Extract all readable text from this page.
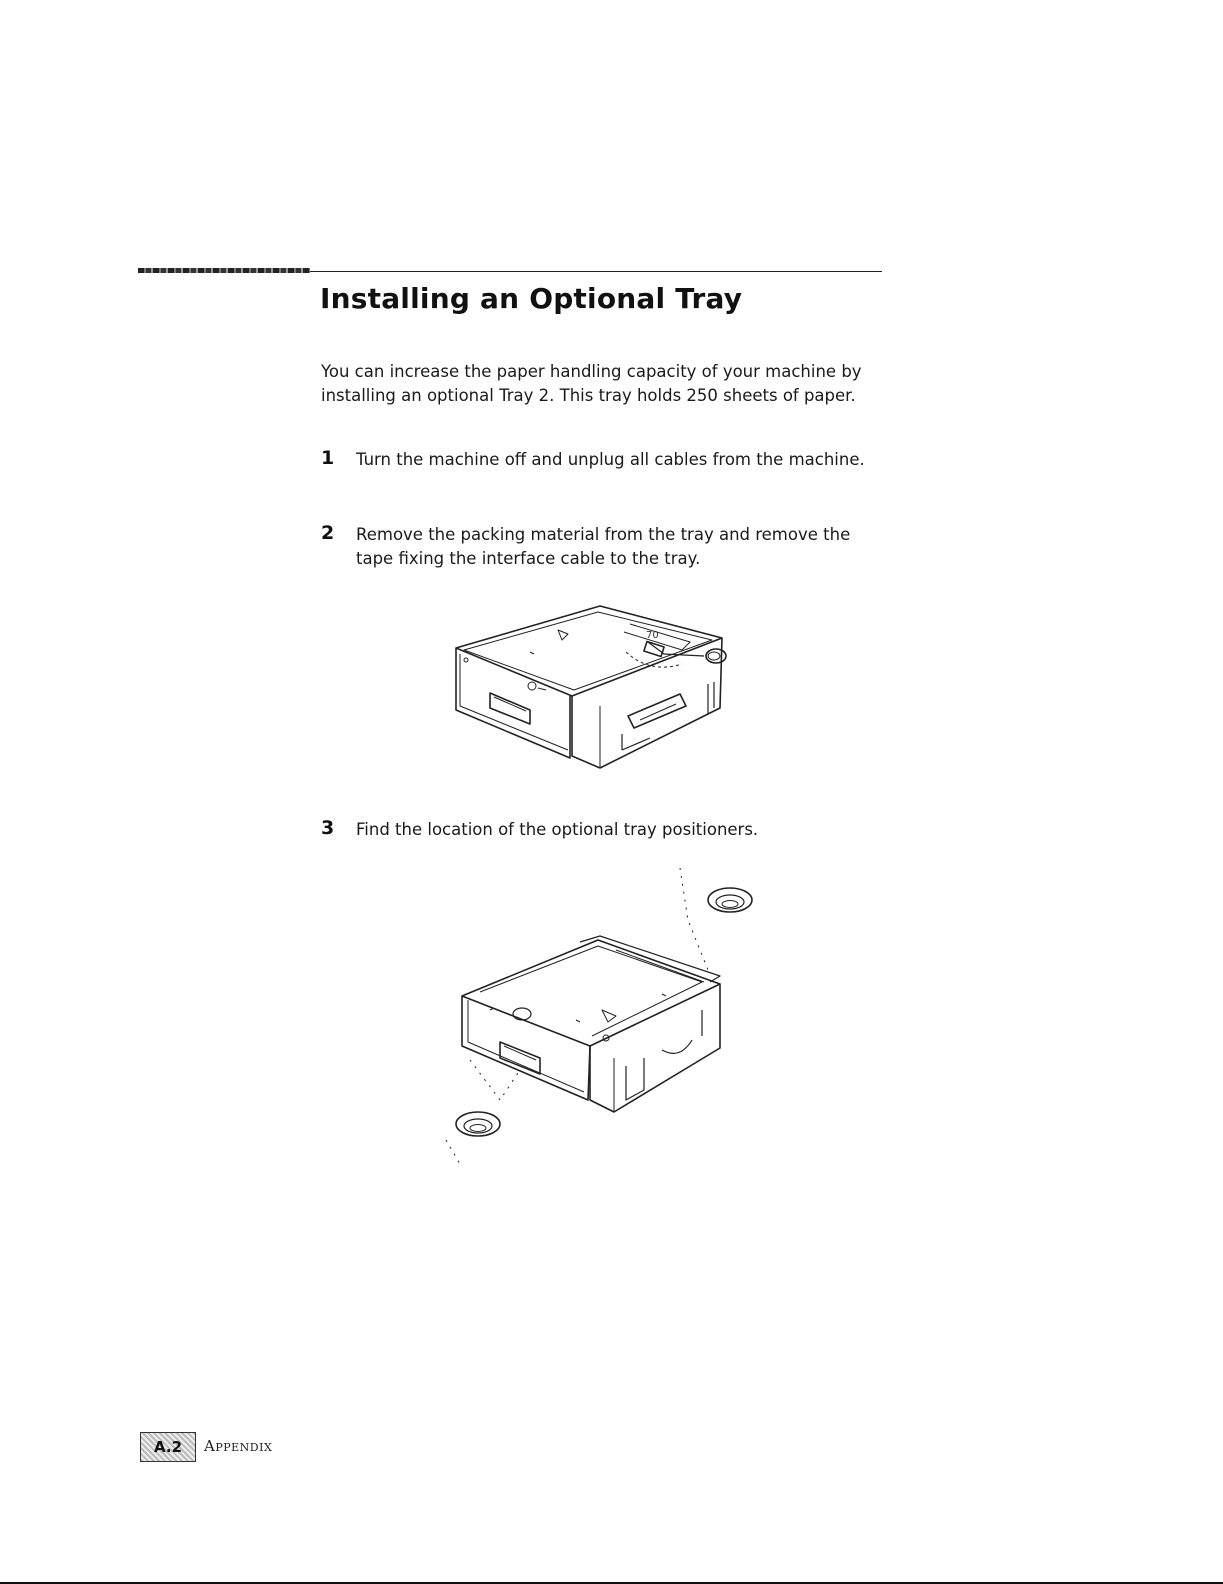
Installing an Optional Tray

You can increase the paper handling capacity of your machine by installing an optional Tray 2. This tray holds 250 sheets of paper.

1 Turn the machine off and unplug all cables from the machine.
2 Remove the packing material from the tray and remove the tape fixing the interface cable to the tray.
70
3 Find the location of the optional tray positioners.
A.2	Appendix
